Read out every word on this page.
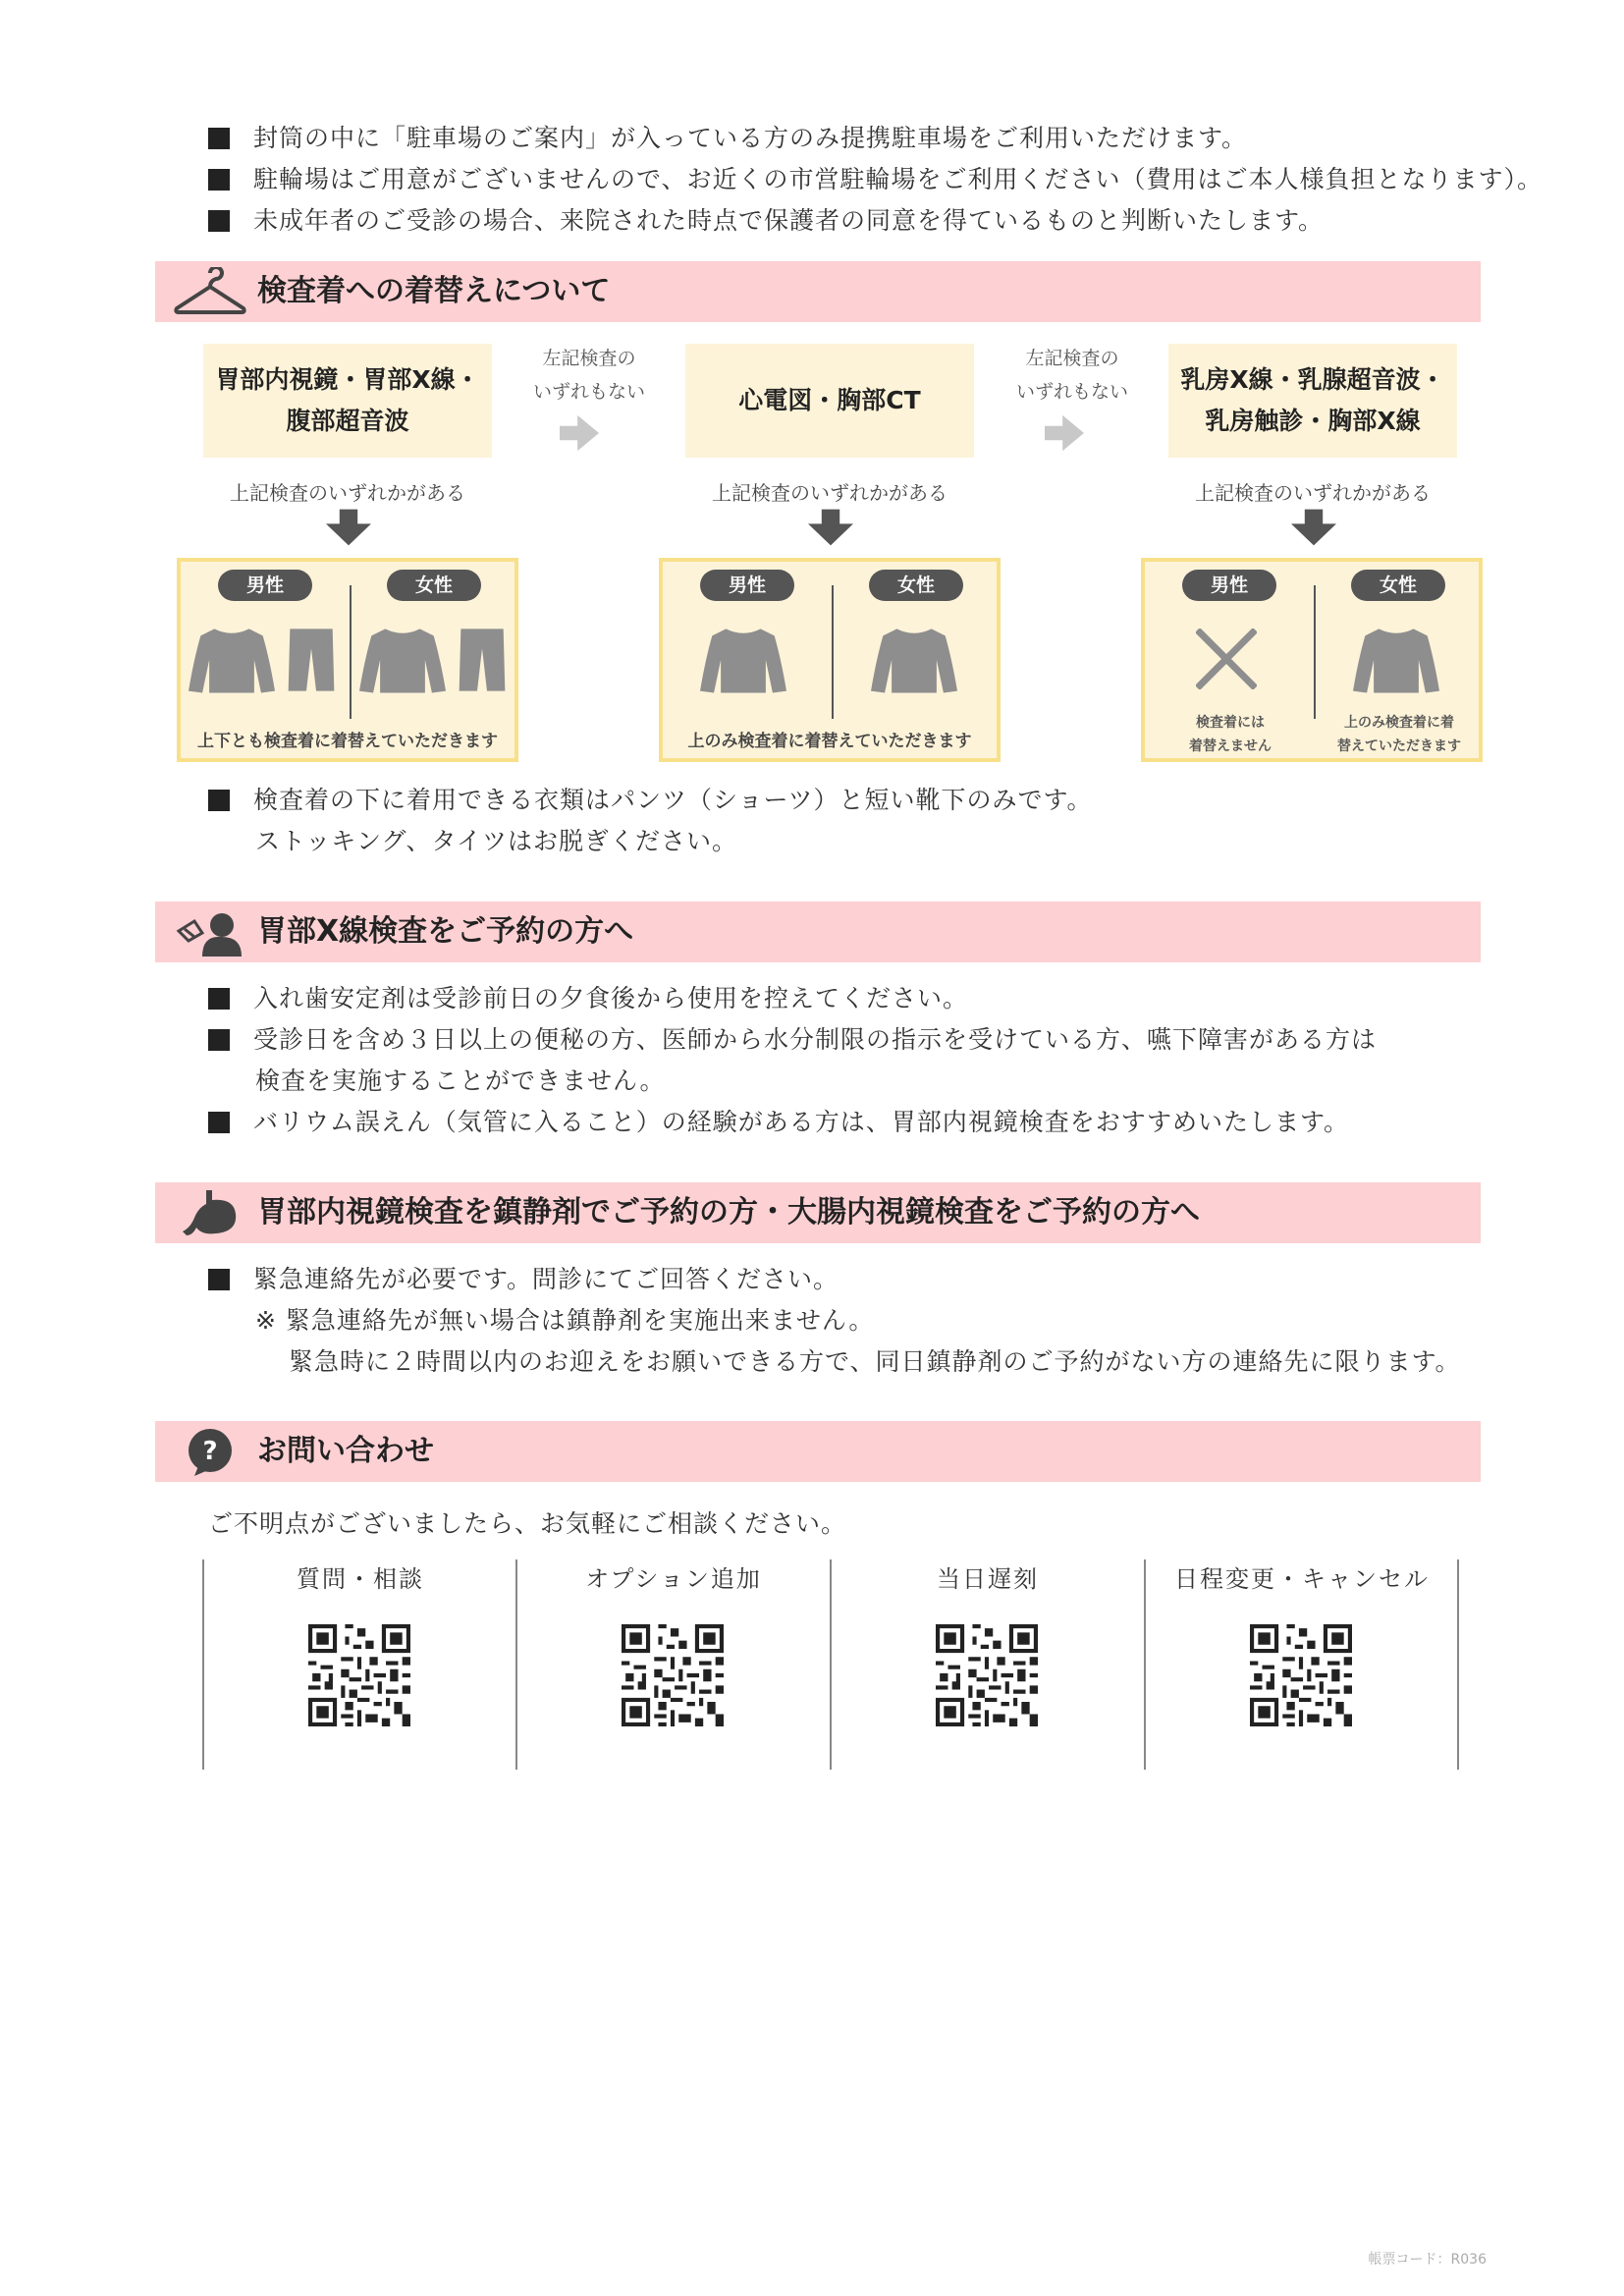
封筒の中に「駐車場のご案内」が入っている方のみ提携駐車場をご利用いただけます。
駐輪場はご用意がございませんので、お近くの市営駐輪場をご利用ください（費用はご本人様負担となります）。
未成年者のご受診の場合、来院された時点で保護者の同意を得ているものと判断いたします。
検査着への着替えについて
胃部内視鏡・胃部X線・
腹部超音波
心電図・胸部CT
乳房X線・乳腺超音波・
乳房触診・胸部X線
左記検査の
いずれもない
左記検査の
いずれもない
上記検査のいずれかがある	上記検査のいずれかがある	上記検査のいずれかがある
男性	女性
上下とも検査着に着替えていただきます
男性	女性
上のみ検査着に着替えていただきます
男性	女性
検査着には
着替えません
上のみ検査着に着
替えていただきます
検査着の下に着用できる衣類はパンツ（ショーツ）と短い靴下のみです。
ストッキング、タイツはお脱ぎください。
胃部X線検査をご予約の方へ
入れ歯安定剤は受診前日の夕食後から使用を控えてください。
受診日を含め３日以上の便秘の方、医師から水分制限の指示を受けている方、嚥下障害がある方は
検査を実施することができません。
バリウム誤えん（気管に入ること）の経験がある方は、胃部内視鏡検査をおすすめいたします。
胃部内視鏡検査を鎮静剤でご予約の方・大腸内視鏡検査をご予約の方へ
緊急連絡先が必要です。問診にてご回答ください。
※ 緊急連絡先が無い場合は鎮静剤を実施出来ません。
緊急時に２時間以内のお迎えをお願いできる方で、同日鎮静剤のご予約がない方の連絡先に限ります。
? お問い合わせ
ご不明点がございましたら、お気軽にご相談ください。
質問・相談	オプション追加	当日遅刻	日程変更・キャンセル
帳票コード：R036
